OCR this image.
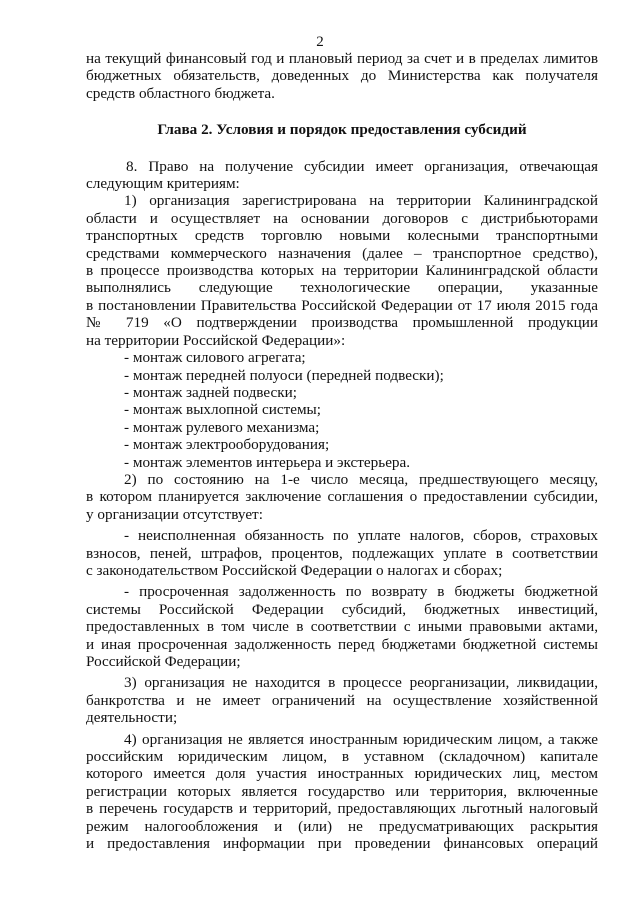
2
на текущий финансовый год и плановый период за счет и в пределах лимитов
бюджетных обязательств, доведенных до Министерства как получателя
средств областного бюджета.
Глава 2. Условия и порядок предоставления субсидий
8. Право на получение субсидии имеет организация, отвечающая
следующим критериям:
1) организация зарегистрирована на территории Калининградской
области и осуществляет на основании договоров с дистрибьюторами
транспортных средств торговлю новыми колесными транспортными
средствами коммерческого назначения (далее – транспортное средство),
в процессе производства которых на территории Калининградской области
выполнялись следующие технологические операции, указанные
в постановлении Правительства Российской Федерации от 17 июля 2015 года
№ 719 «О подтверждении производства промышленной продукции
на территории Российской Федерации»:
- монтаж силового агрегата;
- монтаж передней полуоси (передней подвески);
- монтаж задней подвески;
- монтаж выхлопной системы;
- монтаж рулевого механизма;
- монтаж электрооборудования;
- монтаж элементов интерьера и экстерьера.
2) по состоянию на 1-е число месяца, предшествующего месяцу,
в котором планируется заключение соглашения о предоставлении субсидии,
у организации отсутствует:
- неисполненная обязанность по уплате налогов, сборов, страховых
взносов, пеней, штрафов, процентов, подлежащих уплате в соответствии
с законодательством Российской Федерации о налогах и сборах;
- просроченная задолженность по возврату в бюджеты бюджетной
системы Российской Федерации субсидий, бюджетных инвестиций,
предоставленных в том числе в соответствии с иными правовыми актами,
и иная просроченная задолженность перед бюджетами бюджетной системы
Российской Федерации;
3) организация не находится в процессе реорганизации, ликвидации,
банкротства и не имеет ограничений на осуществление хозяйственной
деятельности;
4) организация не является иностранным юридическим лицом, а также
российским юридическим лицом, в уставном (складочном) капитале
которого имеется доля участия иностранных юридических лиц, местом
регистрации которых является государство или территория, включенные
в перечень государств и территорий, предоставляющих льготный налоговый
режим налогообложения и (или) не предусматривающих раскрытия
и предоставления информации при проведении финансовых операций
